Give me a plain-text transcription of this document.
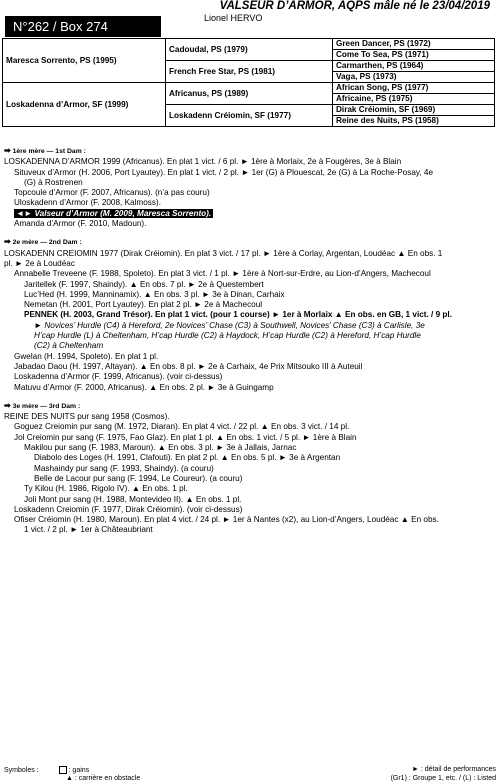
VALSEUR D’ARMOR, AQPS mâle né le 23/04/2019
Lionel HERVO
N°262 / Box 274
Maresca Sorrento, PS (1995)	Cadoudal, PS (1979)	Green Dancer, PS (1972)
		Come To Sea, PS (1971)
	French Free Star, PS (1981)	Carmarthen, PS (1964)
		Vaga, PS (1973)
Loskadenna d’Armor, SF (1999)	Africanus, PS (1989)	African Song, PS (1977)
		Africaine, PS (1975)
	Loskadenn Créiomin, SF (1977)	Dirak Créiomin, SF (1969)
		Reine des Nuits, PS (1958)
➡ 1ère mère — 1st Dam :
LOSKADENNA D’ARMOR 1999 (Africanus). En plat 1 vict. / 6 pl. ► 1ère à Morlaix, 2e à Fougères, 3e à Blain
Situveux d’Armor (H. 2006, Port Lyautey). En plat 1 vict. / 2 pl. ► 1er (G) à Plouescat, 2e (G) à La Roche-Posay, 4e
(G) à Rostrenen
Topcoule d’Armor (F. 2007, Africanus). (n’a pas couru)
Uloskadenn d’Armor (F. 2008, Kalmoss).
◄► Valseur d’Armor (M. 2009, Maresca Sorrento).
Amanda d’Armor (F. 2010, Madoun).
➡ 2e mère — 2nd Dam :
LOSKADENN CREIOMIN 1977 (Dirak Créiomin). En plat 3 vict. / 17 pl. ► 1ère à Corlay, Argentan, Loudéac ▲ En obs. 1
pl. ► 2e à Loudéac
Annabelle Treveene (F. 1988, Spoleto). En plat 3 vict. / 1 pl. ► 1ère à Nort-sur-Erdre, au Lion-d’Angers, Machecoul
Jaritellek (F. 1997, Shaindy). ▲ En obs. 7 pl. ► 2e à Questembert
Luc’Hed (H. 1999, Manninamix). ▲ En obs. 3 pl. ► 3e à Dinan, Carhaix
Nemetan (H. 2001, Port Lyautey). En plat 2 pl. ► 2e à Machecoul
PENNEK (H. 2003, Grand Trésor). En plat 1 vict. (pour 1 course) ► 1er à Morlaix ▲ En obs. en GB, 1 vict. / 9 pl.
► Novices’ Hurdle (C4) à Hereford, 2e Novices’ Chase (C3) à Southwell, Novices’ Chase (C3) à Carlisle, 3e
H’cap Hurdle (L) à Cheltenham, H’cap Hurdle (C2) à Haydock, H’cap Hurdle (C2) à Hereford, H’cap Hurdle
(C2) à Cheltenham
Gwelan (H. 1994, Spoleto). En plat 1 pl.
Jabadao Daou (H. 1997, Altayan). ▲ En obs. 8 pl. ► 2e à Carhaix, 4e Prix Mitsouko III à Auteuil
Loskadenna d’Armor (F. 1999, Africanus). (voir ci-dessus)
Matuvu d’Armor (F. 2000, Africanus). ▲ En obs. 2 pl. ► 3e à Guingamp
➡ 3e mère — 3rd Dam :
REINE DES NUITS pur sang 1958 (Cosmos).
Goguez Creiomin pur sang (M. 1972, Diaran). En plat 4 vict. / 22 pl. ▲ En obs. 3 vict. / 14 pl.
Jol Creiomin pur sang (F. 1975, Fao Glaz). En plat 1 pl. ▲ En obs. 1 vict. / 5 pl. ► 1ère à Blain
Makilou pur sang (F. 1983, Maroun). ▲ En obs. 3 pl. ► 3e à Jallais, Jarnac
Diabolo des Loges (H. 1991, Clafouti). En plat 2 pl. ▲ En obs. 5 pl. ► 3e à Argentan
Mashaindy pur sang (F. 1993, Shaindy). (a couru)
Belle de Lacour pur sang (F. 1994, Le Coureur). (a couru)
Ty Kilou (H. 1986, Rigolo IV). ▲ En obs. 1 pl.
Joli Mont pur sang (H. 1988, Montevideo II). ▲ En obs. 1 pl.
Loskadenn Creiomin (F. 1977, Dirak Créiomin). (voir ci-dessus)
Ofiser Créiomin (H. 1980, Maroun). En plat 4 vict. / 24 pl. ► 1er à Nantes (x2), au Lion-d’Angers, Loudéac ▲ En obs.
1 vict. / 2 pl. ► 1er à Châteaubriant
Symboles :	: gains	► : détail de performances
▲ : carrière en obstacle	(Gr1) : Groupe 1, etc. / (L) : Listed
